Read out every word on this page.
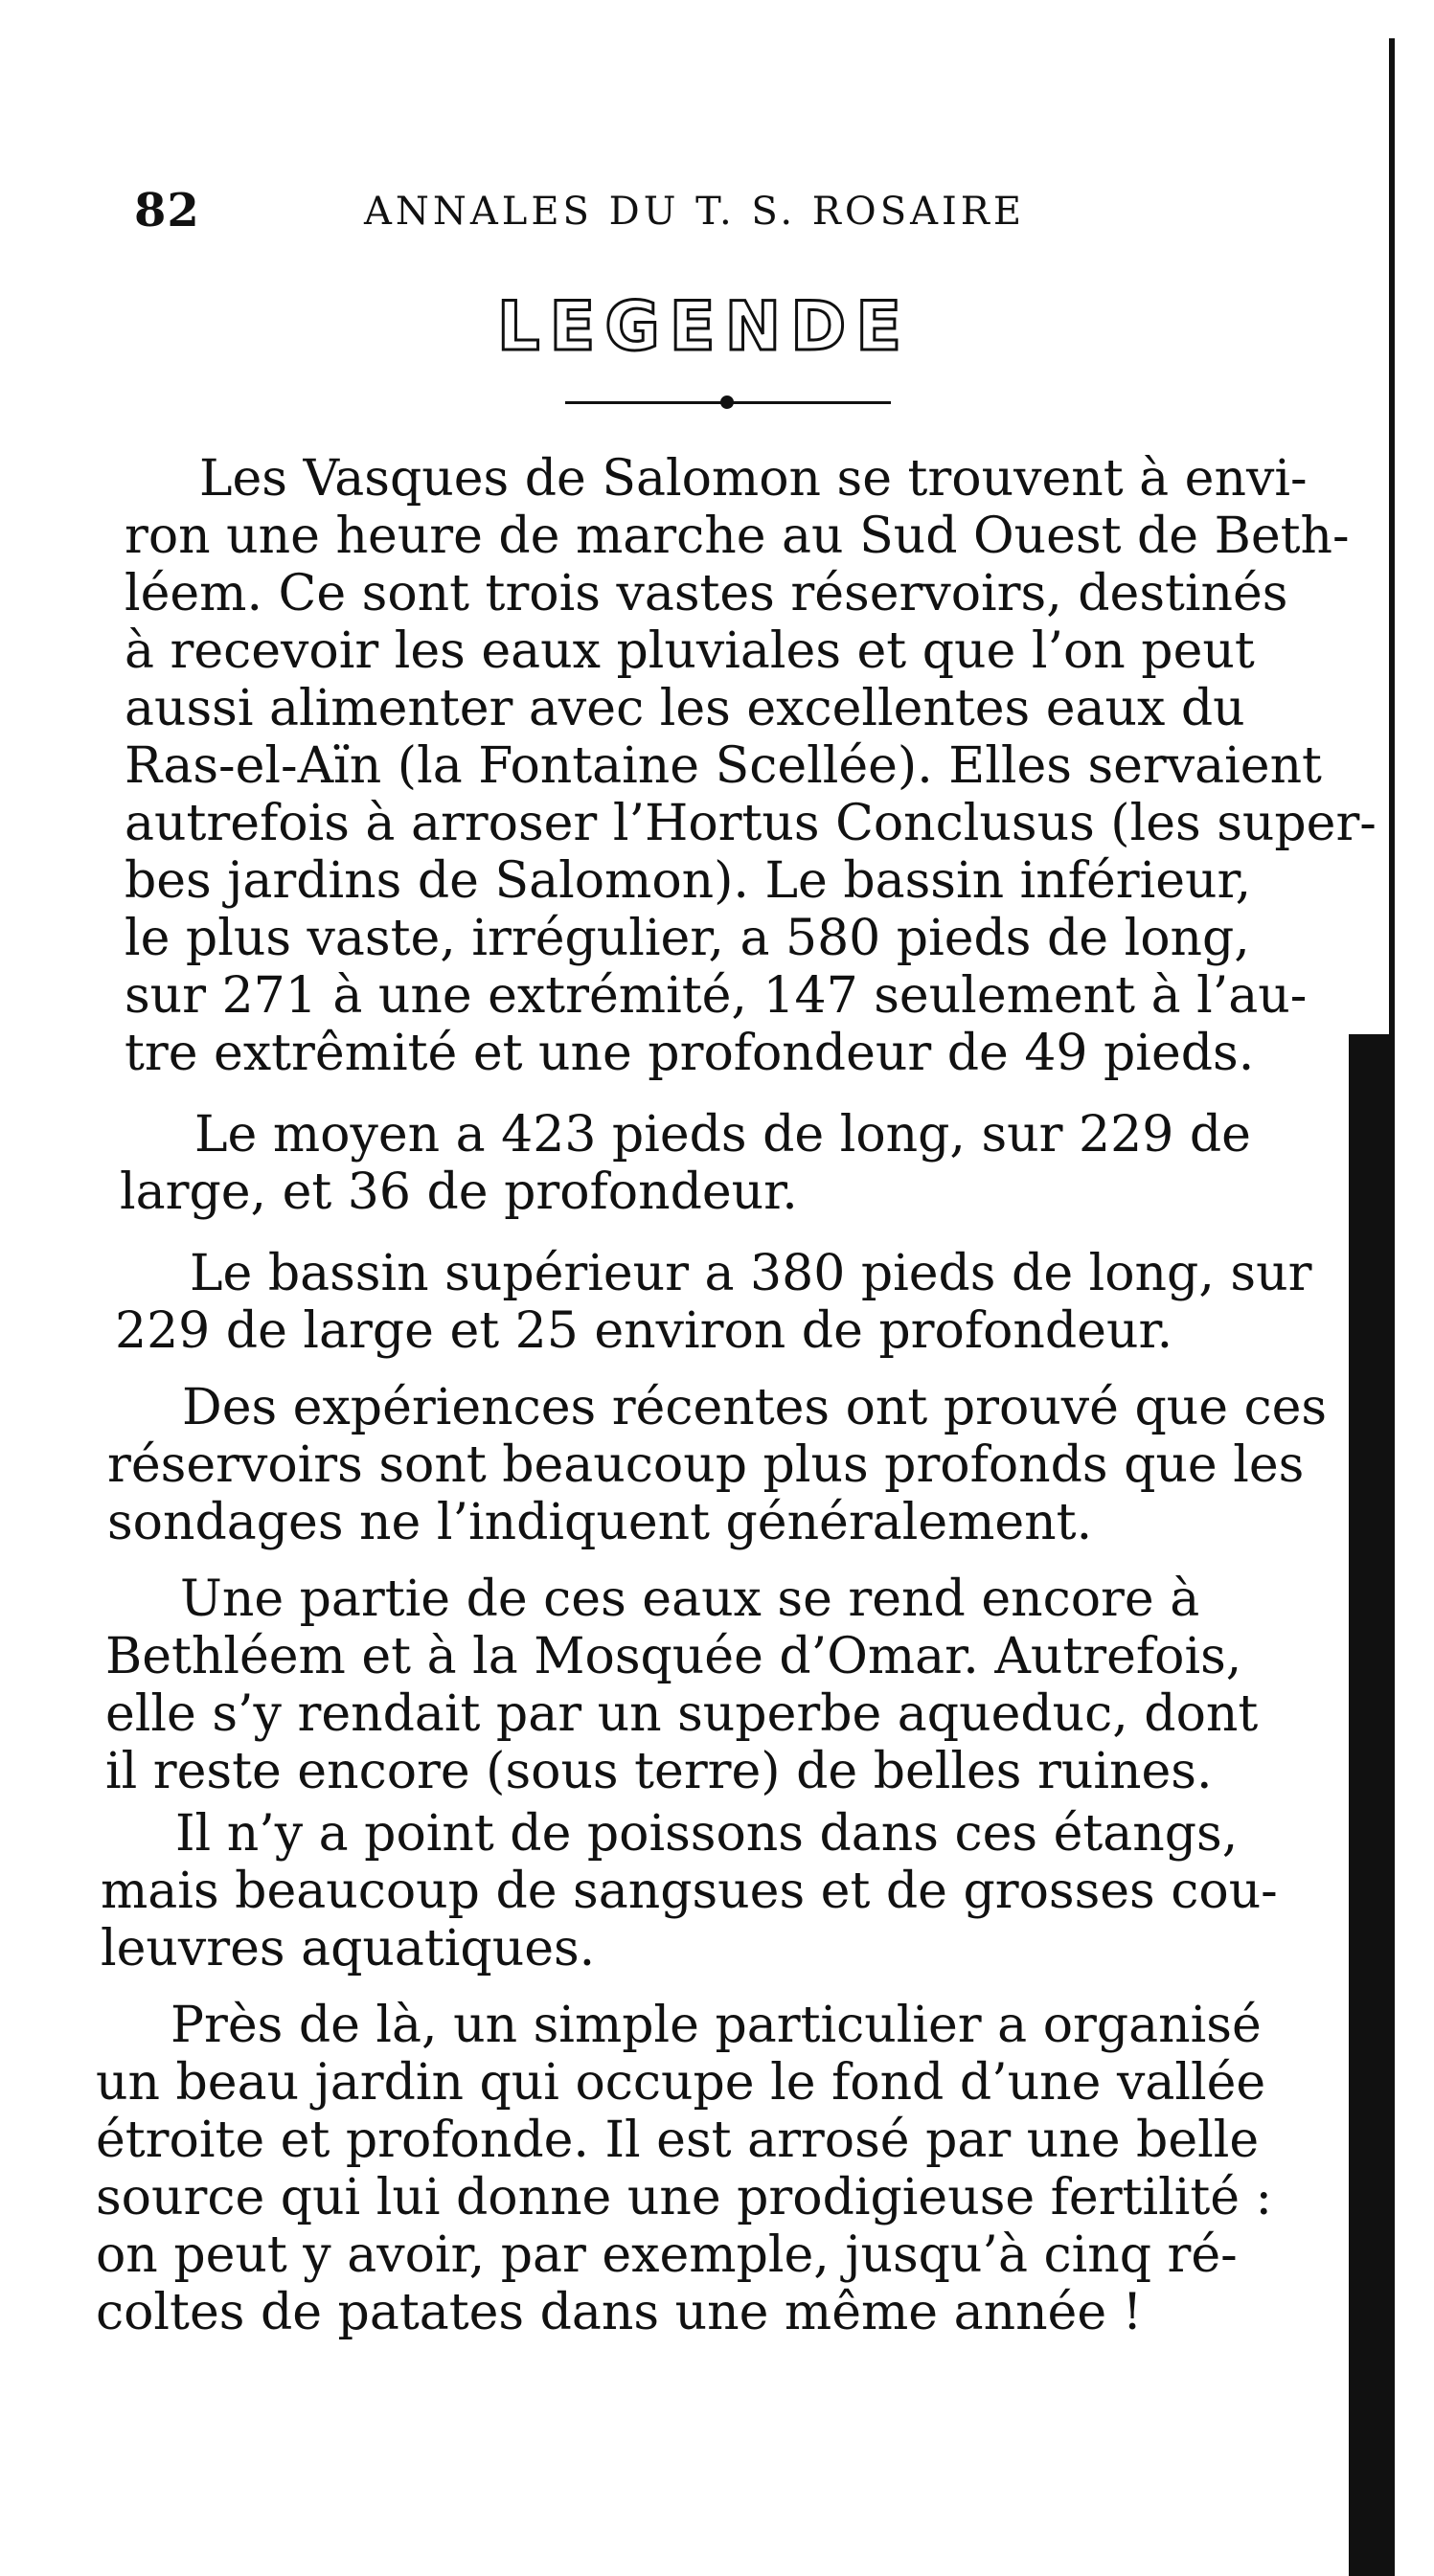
82	ANNALES DU T. S. ROSAIRE
LEGENDE
Les Vasques de Salomon se trouvent à envi-
ron une heure de marche au Sud Ouest de Beth-
léem. Ce sont trois vastes réservoirs, destinés
à recevoir les eaux pluviales et que l’on peut
aussi alimenter avec les excellentes eaux du
Ras-el-Aïn (la Fontaine Scellée). Elles servaient
autrefois à arroser l’Hortus Conclusus (les super-
bes jardins de Salomon). Le bassin inférieur,
le plus vaste, irrégulier, a 580 pieds de long,
sur 271 à une extrémité, 147 seulement à l’au-
tre extrêmité et une profondeur de 49 pieds.
Le moyen a 423 pieds de long, sur 229 de
large, et 36 de profondeur.
Le bassin supérieur a 380 pieds de long, sur
229 de large et 25 environ de profondeur.
Des expériences récentes ont prouvé que ces
réservoirs sont beaucoup plus profonds que les
sondages ne l’indiquent généralement.
Une partie de ces eaux se rend encore à
Bethléem et à la Mosquée d’Omar. Autrefois,
elle s’y rendait par un superbe aqueduc, dont
il reste encore (sous terre) de belles ruines.
Il n’y a point de poissons dans ces étangs,
mais beaucoup de sangsues et de grosses cou-
leuvres aquatiques.
Près de là, un simple particulier a organisé
un beau jardin qui occupe le fond d’une vallée
étroite et profonde. Il est arrosé par une belle
source qui lui donne une prodigieuse fertilité :
on peut y avoir, par exemple, jusqu’à cinq ré-
coltes de patates dans une même année !
